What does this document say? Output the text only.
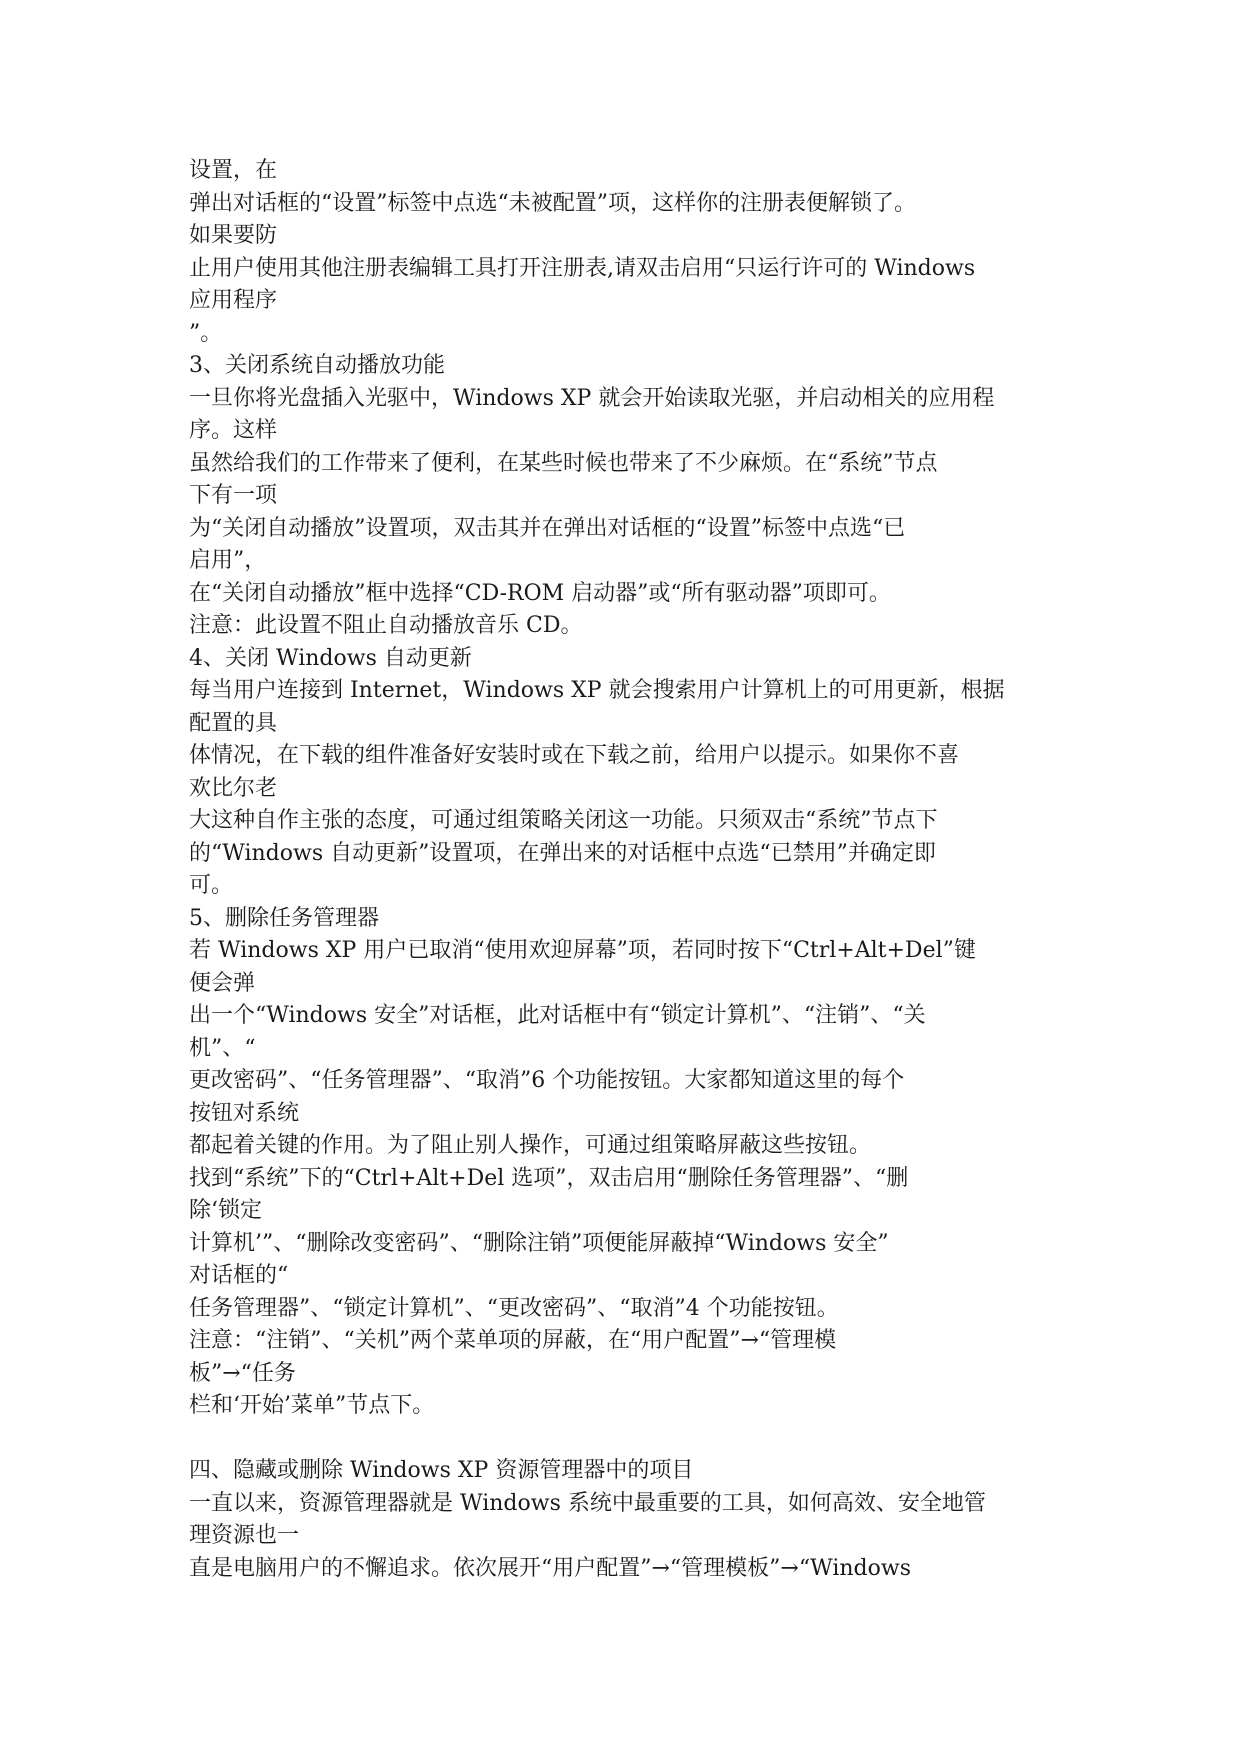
设置，在
弹出对话框的“设置”标签中点选“未被配置”项，这样你的注册表便解锁了。
如果要防
止用户使用其他注册表编辑工具打开注册表,请双击启用“只运行许可的 Windows
应用程序
”。
3、关闭系统自动播放功能
一旦你将光盘插入光驱中，Windows XP 就会开始读取光驱，并启动相关的应用程
序。这样
虽然给我们的工作带来了便利，在某些时候也带来了不少麻烦。在“系统”节点
下有一项
为“关闭自动播放”设置项，双击其并在弹出对话框的“设置”标签中点选“已
启用”，
在“关闭自动播放”框中选择“CD-ROM 启动器”或“所有驱动器”项即可。
注意：此设置不阻止自动播放音乐 CD。
4、关闭 Windows 自动更新
每当用户连接到 Internet，Windows XP 就会搜索用户计算机上的可用更新，根据
配置的具
体情况，在下载的组件准备好安装时或在下载之前，给用户以提示。如果你不喜
欢比尔老
大这种自作主张的态度，可通过组策略关闭这一功能。只须双击“系统”节点下
的“Windows 自动更新”设置项，在弹出来的对话框中点选“已禁用”并确定即
可。
5、删除任务管理器
若 Windows XP 用户已取消“使用欢迎屏幕”项，若同时按下“Ctrl+Alt+Del”键
便会弹
出一个“Windows 安全”对话框，此对话框中有“锁定计算机”、“注销”、“关
机”、“
更改密码”、“任务管理器”、“取消”6 个功能按钮。大家都知道这里的每个
按钮对系统
都起着关键的作用。为了阻止别人操作，可通过组策略屏蔽这些按钮。
找到“系统”下的“Ctrl+Alt+Del 选项”，双击启用“删除任务管理器”、“删
除‘锁定
计算机’”、“删除改变密码”、“删除注销”项便能屏蔽掉“Windows 安全”
对话框的“
任务管理器”、“锁定计算机”、“更改密码”、“取消”4 个功能按钮。
注意：“注销”、“关机”两个菜单项的屏蔽，在“用户配置”→“管理模
板”→“任务
栏和‘开始’菜单”节点下。
四、隐藏或删除 Windows XP 资源管理器中的项目
一直以来，资源管理器就是 Windows 系统中最重要的工具，如何高效、安全地管
理资源也一
直是电脑用户的不懈追求。依次展开“用户配置”→“管理模板”→“Windows
